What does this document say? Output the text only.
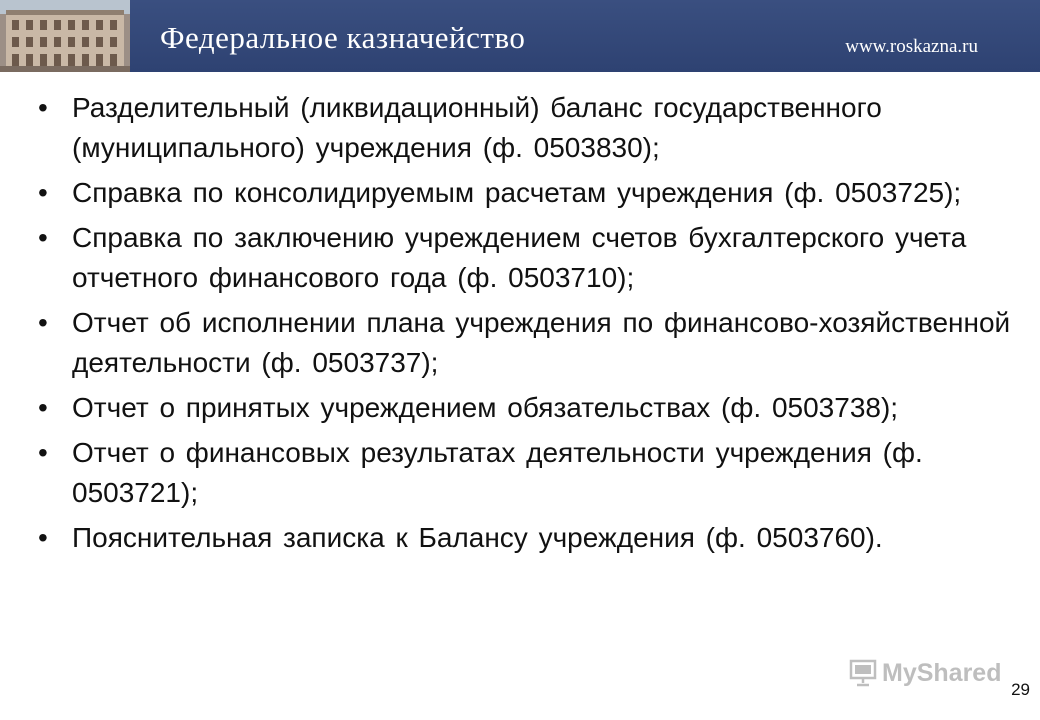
Федеральное казначейство	www.roskazna.ru
• Разделительный (ликвидационный) баланс государственного (муниципального) учреждения (ф. 0503830);
• Справка по консолидируемым расчетам учреждения (ф. 0503725);
• Справка по заключению учреждением счетов бухгалтерского учета отчетного финансового года (ф. 0503710);
• Отчет об исполнении плана учреждения по финансово-хозяйственной деятельности (ф. 0503737);
• Отчет о принятых учреждением обязательствах (ф. 0503738);
• Отчет о финансовых результатах деятельности учреждения (ф. 0503721);
• Пояснительная записка к Балансу учреждения (ф. 0503760).
MyShared
29
